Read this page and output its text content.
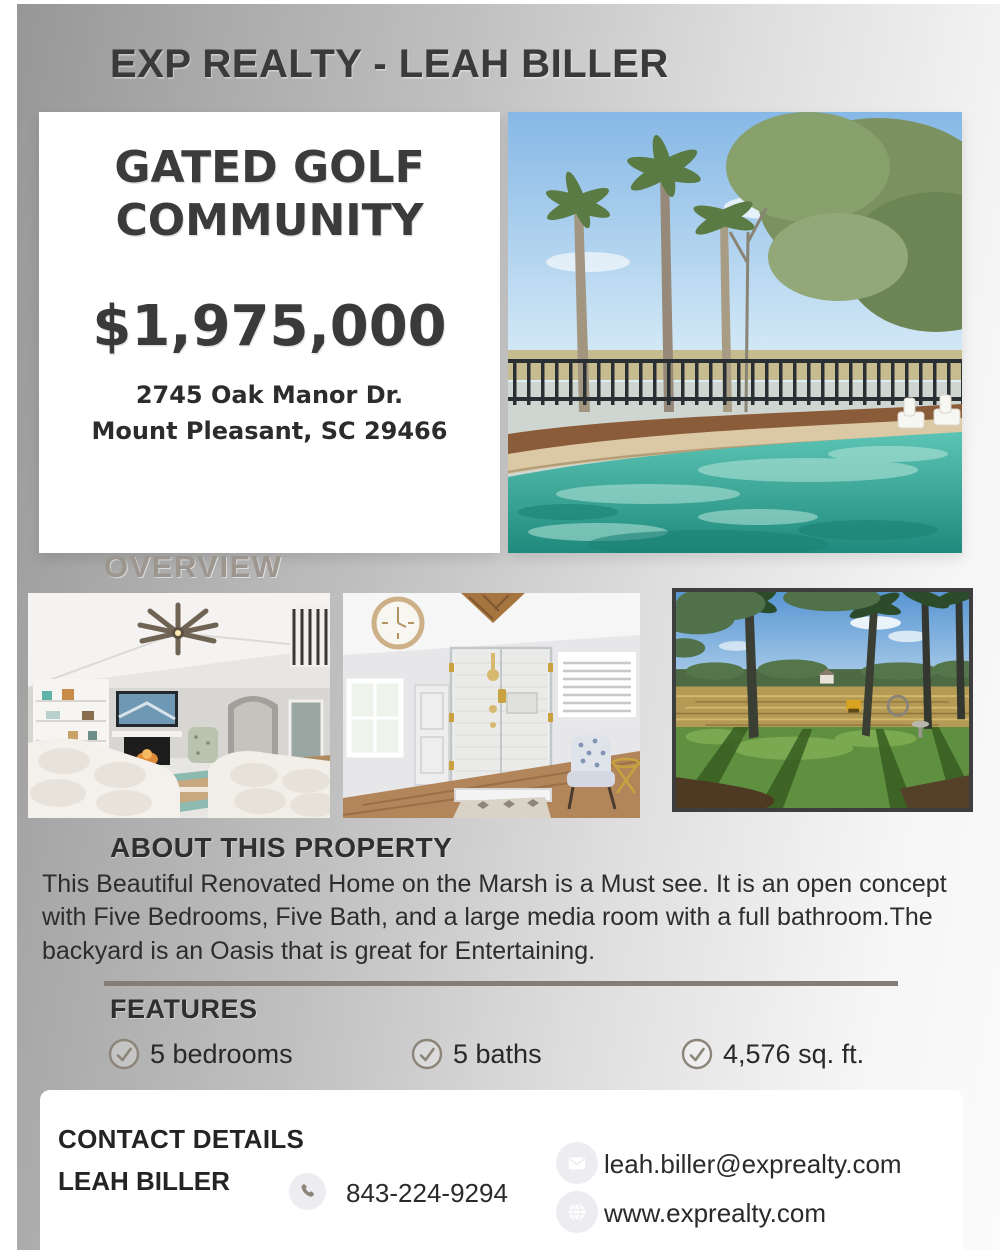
EXP REALTY - LEAH BILLER
GATED GOLF COMMUNITY
$1,975,000
2745 Oak Manor Dr.
Mount Pleasant, SC 29466
OVERVIEW
ABOUT THIS PROPERTY
This Beautiful Renovated Home on the Marsh is a Must see. It is an open concept with Five Bedrooms, Five Bath, and a large media room with a full bathroom.The backyard is an Oasis that is great for Entertaining.
FEATURES
5 bedrooms	5 baths	4,576 sq. ft.
CONTACT DETAILS
LEAH BILLER	843-224-9294
leah.biller@exprealty.com
www.exprealty.com
